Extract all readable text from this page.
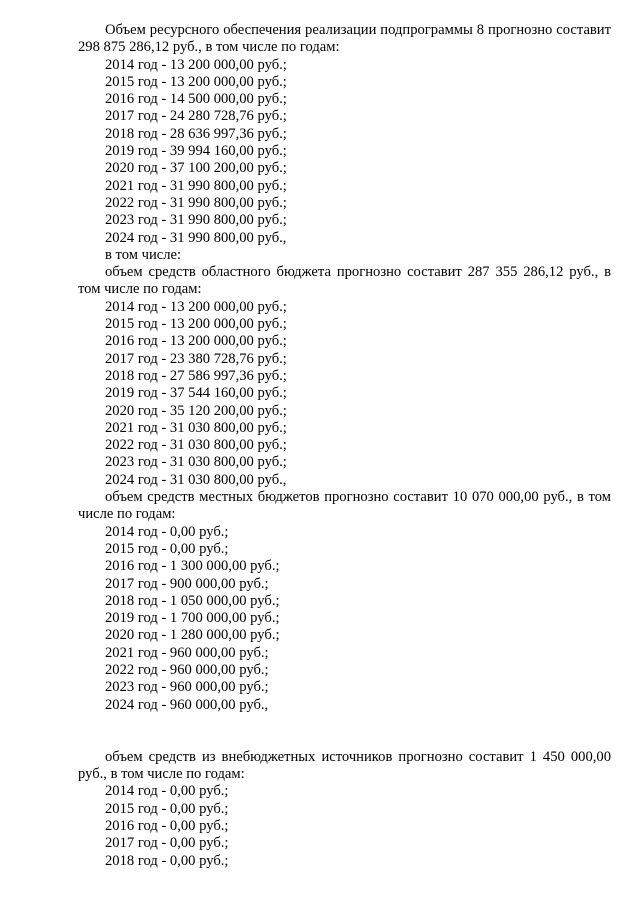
Объем ресурсного обеспечения реализации подпрограммы 8 прогнозно составит 298 875 286,12 руб., в том числе по годам:

2014 год - 13 200 000,00 руб.;

2015 год - 13 200 000,00 руб.;

2016 год - 14 500 000,00 руб.;

2017 год - 24 280 728,76 руб.;

2018 год - 28 636 997,36 руб.;

2019 год - 39 994 160,00 руб.;

2020 год - 37 100 200,00 руб.;

2021 год - 31 990 800,00 руб.;

2022 год - 31 990 800,00 руб.;

2023 год - 31 990 800,00 руб.;

2024 год - 31 990 800,00 руб.,

в том числе:

объем средств областного бюджета прогнозно составит 287 355 286,12 руб., в том числе по годам:

2014 год - 13 200 000,00 руб.;

2015 год - 13 200 000,00 руб.;

2016 год - 13 200 000,00 руб.;

2017 год - 23 380 728,76 руб.;

2018 год - 27 586 997,36 руб.;

2019 год - 37 544 160,00 руб.;

2020 год - 35 120 200,00 руб.;

2021 год - 31 030 800,00 руб.;

2022 год - 31 030 800,00 руб.;

2023 год - 31 030 800,00 руб.;

2024 год - 31 030 800,00 руб.,

объем средств местных бюджетов прогнозно составит 10 070 000,00 руб., в том числе по годам:

2014 год - 0,00 руб.;

2015 год - 0,00 руб.;

2016 год - 1 300 000,00 руб.;

2017 год - 900 000,00 руб.;

2018 год - 1 050 000,00 руб.;

2019 год - 1 700 000,00 руб.;

2020 год - 1 280 000,00 руб.;

2021 год - 960 000,00 руб.;

2022 год - 960 000,00 руб.;

2023 год - 960 000,00 руб.;

2024 год - 960 000,00 руб.,

объем средств из внебюджетных источников прогнозно составит 1 450 000,00 руб., в том числе по годам:

2014 год - 0,00 руб.;

2015 год - 0,00 руб.;

2016 год - 0,00 руб.;

2017 год - 0,00 руб.;

2018 год - 0,00 руб.;
